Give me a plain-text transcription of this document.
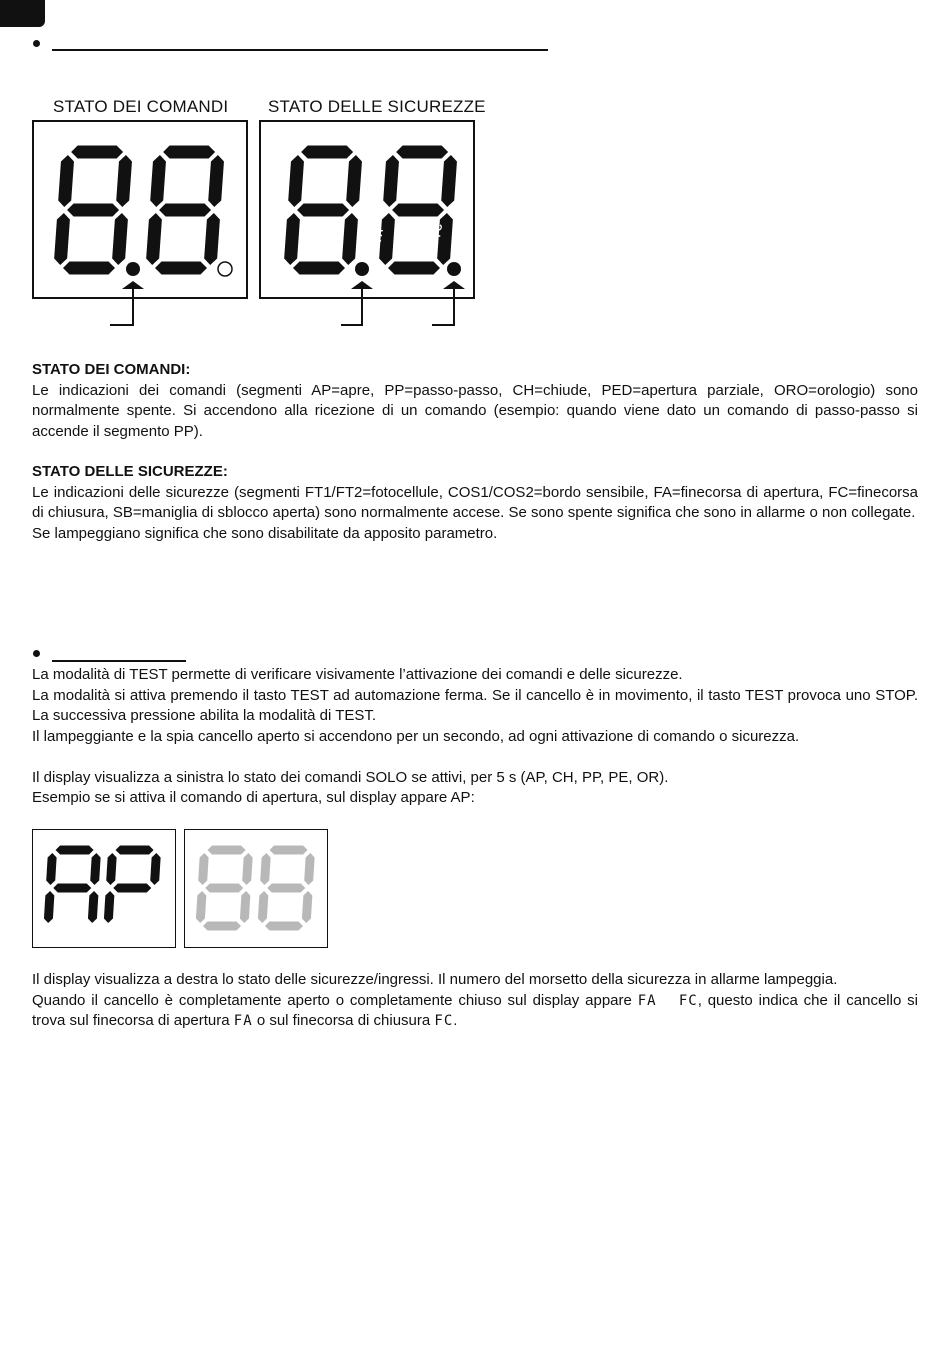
STATO DEI COMANDI STATO DELLE SICUREZZE
FA	FC
STATO DEI COMANDI:
Le indicazioni dei comandi (segmenti AP=apre, PP=passo-passo, CH=chiude, PED=apertura parziale, ORO=orologio) sono normalmente spente. Si accendono alla ricezione di un comando (esempio: quando viene dato un comando di passo-passo si accende il segmento PP).
STATO DELLE SICUREZZE:
Le indicazioni delle sicurezze (segmenti FT1/FT2=fotocellule, COS1/COS2=bordo sensibile, FA=finecorsa di apertura, FC=finecorsa di chiusura, SB=maniglia di sblocco aperta) sono normalmente accese. Se sono spente significa che sono in allarme o non collegate.
Se lampeggiano significa che sono disabilitate da apposito parametro.
La modalità di TEST permette di verificare visivamente l’attivazione dei comandi e delle sicurezze.
La modalità si attiva premendo il tasto TEST ad automazione ferma. Se il cancello è in movimento, il tasto TEST provoca uno STOP. La successiva pressione abilita la modalità di TEST.
Il lampeggiante e la spia cancello aperto si accendono per un secondo, ad ogni attivazione di comando o sicurezza.
Il display visualizza a sinistra lo stato dei comandi SOLO se attivi, per 5 s (AP, CH, PP, PE, OR).
Esempio se si attiva il comando di apertura, sul display appare AP:
Il display visualizza a destra lo stato delle sicurezze/ingressi. Il numero del morsetto della sicurezza in allarme lampeggia.
Quando il cancello è completamente aperto o completamente chiuso sul display appare FA  FC, questo indica che il cancello si trova sul finecorsa di apertura FA o sul finecorsa di chiusura FC.
